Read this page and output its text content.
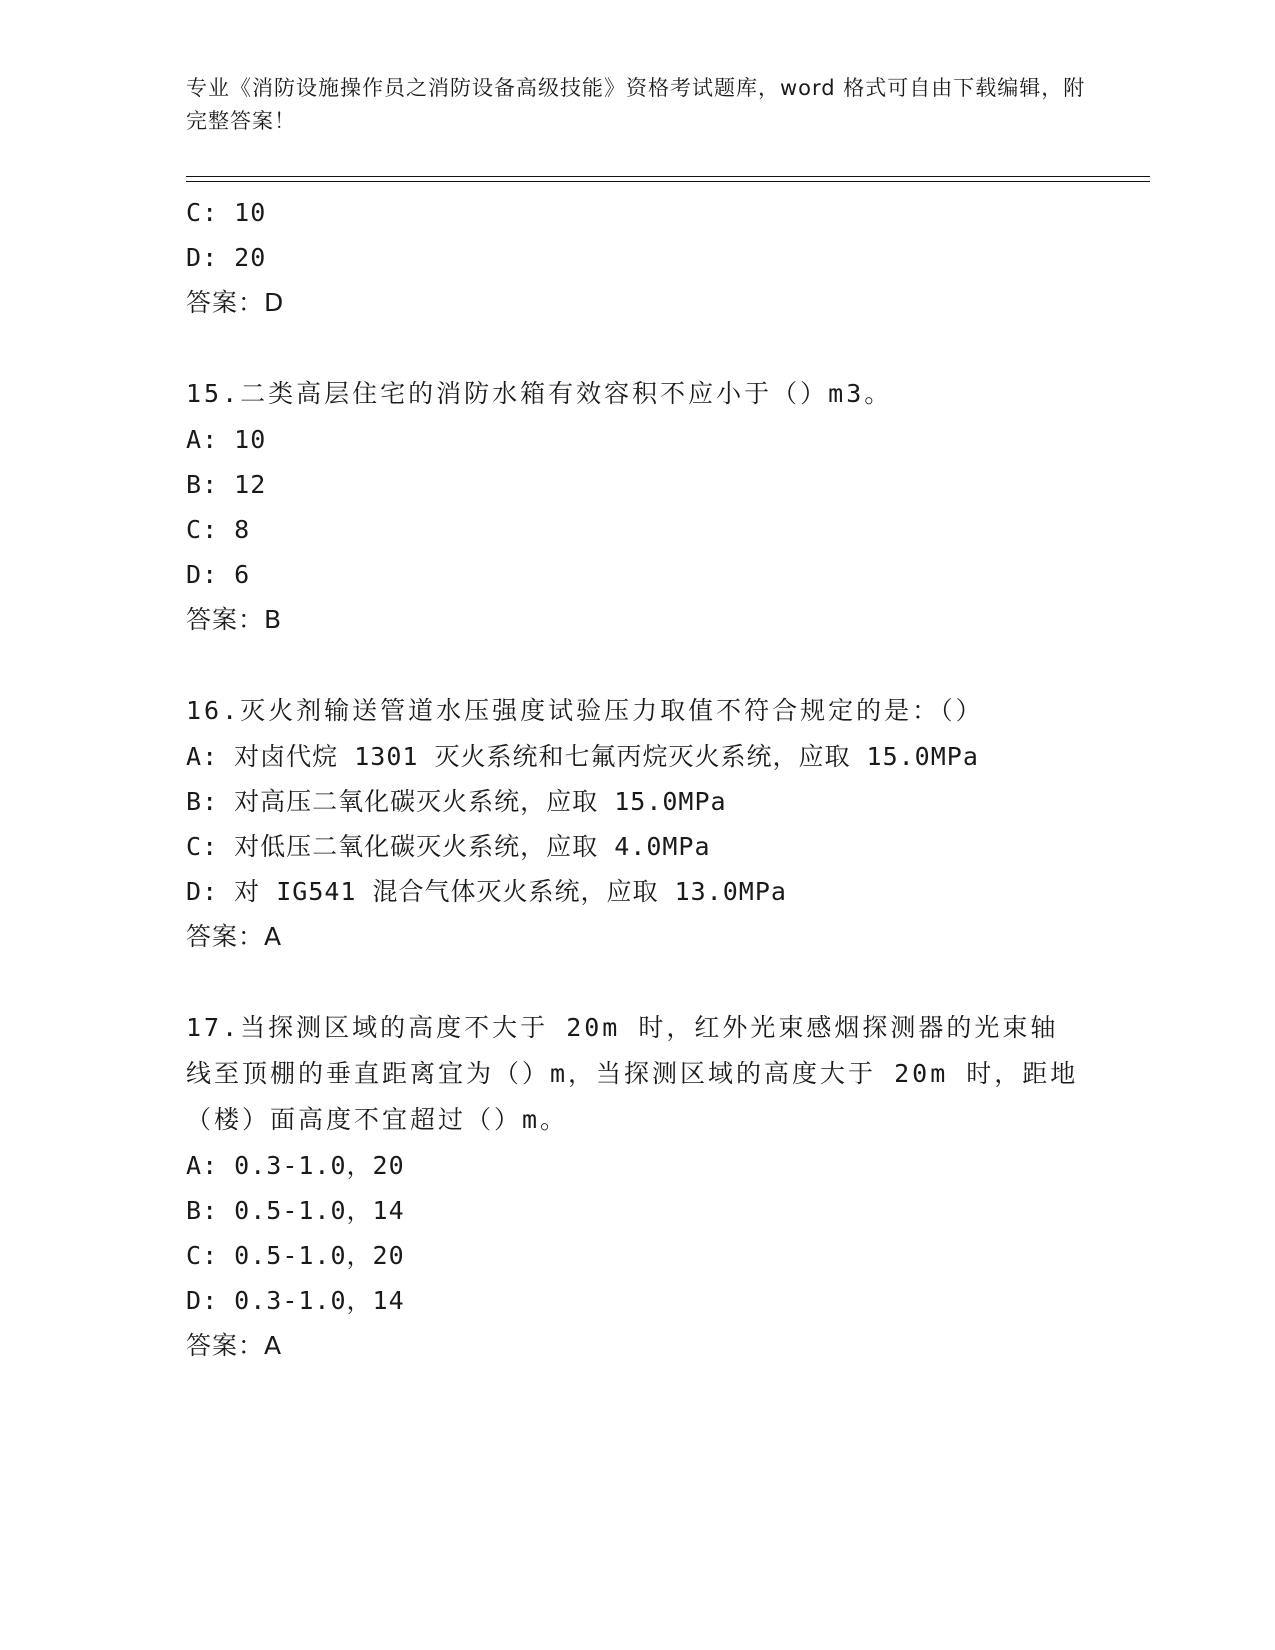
专业《消防设施操作员之消防设备高级技能》资格考试题库，word 格式可自由下载编辑，附完整答案！
C: 10
D: 20
答案：D
15.二类高层住宅的消防水箱有效容积不应小于（）m3。
A: 10
B: 12
C: 8
D: 6
答案：B
16.灭火剂输送管道水压强度试验压力取值不符合规定的是：（）
A: 对卤代烷 1301 灭火系统和七氟丙烷灭火系统，应取 15.0MPa
B: 对高压二氧化碳灭火系统，应取 15.0MPa
C: 对低压二氧化碳灭火系统，应取 4.0MPa
D: 对 IG541 混合气体灭火系统，应取 13.0MPa
答案：A
17.当探测区域的高度不大于 20m 时，红外光束感烟探测器的光束轴线至顶棚的垂直距离宜为（）m，当探测区域的高度大于 20m 时，距地（楼）面高度不宜超过（）m。
A: 0.3-1.0，20
B: 0.5-1.0，14
C: 0.5-1.0，20
D: 0.3-1.0，14
答案：A
